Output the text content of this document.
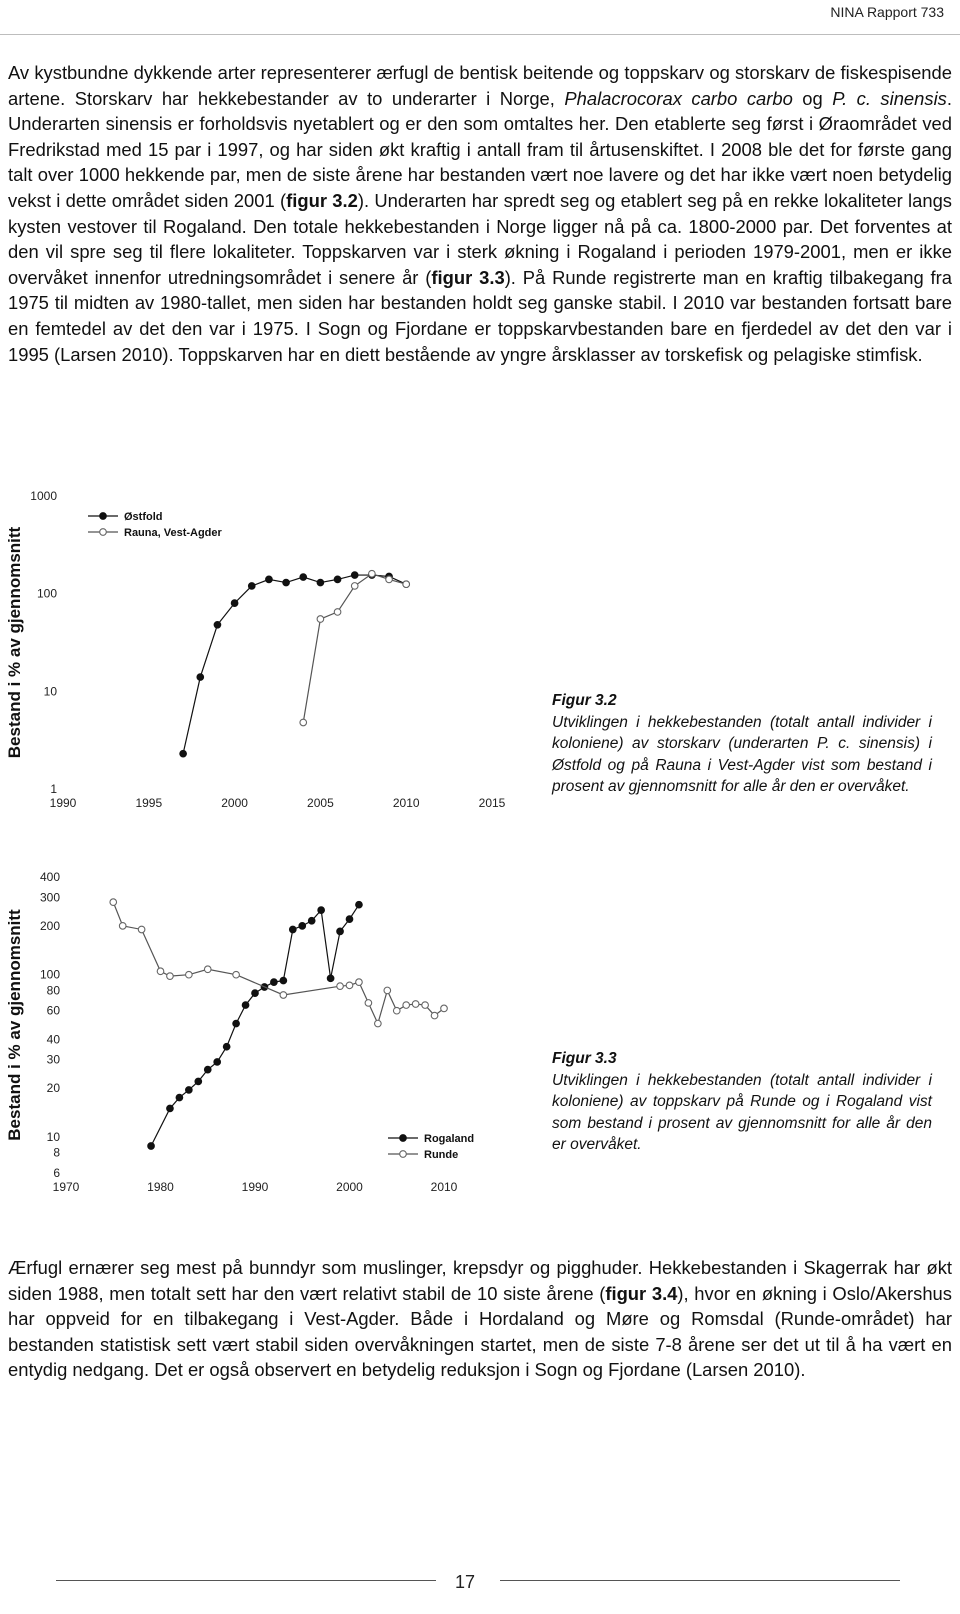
NINA Rapport 733

Av kystbundne dykkende arter representerer ærfugl de bentisk beitende og toppskarv og storskarv de fiskespisende artene. Storskarv har hekkebestander av to underarter i Norge, Phalacrocorax carbo carbo og P. c. sinensis. Underarten sinensis er forholdsvis nyetablert og er den som omtaltes her. Den etablerte seg først i Øraområdet ved Fredrikstad med 15 par i 1997, og har siden økt kraftig i antall fram til årtusenskiftet. I 2008 ble det for første gang talt over 1000 hekkende par, men de siste årene har bestanden vært noe lavere og det har ikke vært noen betydelig vekst i dette området siden 2001 (figur 3.2). Underarten har spredt seg og etablert seg på en rekke lokaliteter langs kysten vestover til Rogaland. Den totale hekkebestanden i Norge ligger nå på ca. 1800-2000 par. Det forventes at den vil spre seg til flere lokaliteter. Toppskarven var i sterk økning i Rogaland i perioden 1979-2001, men er ikke overvåket innenfor utredningsområdet i senere år (figur 3.3). På Runde registrerte man en kraftig tilbakegang fra 1975 til midten av 1980-tallet, men siden har bestanden holdt seg ganske stabil. I 2010 var bestanden fortsatt bare en femtedel av det den var i 1975. I Sogn og Fjordane er toppskarvbestanden bare en fjerdedel av det den var i 1995 (Larsen 2010). Toppskarven har en diett bestående av yngre årsklasser av torskefisk og pelagiske stimfisk.

Bestand i % av gjennomsnitt
1
10
100
1000
1990	1995	2000	2005	2010	2015
Østfold
Rauna, Vest-Agder
Figur 3.2
Utviklingen i hekkebestanden (totalt antall individer i koloniene) av storskarv (underarten P. c. sinensis) i Østfold og på Rauna i Vest-Agder vist som bestand i prosent av gjennomsnitt for alle år den er overvåket.
Bestand i % av gjennomsnitt
6
8
10
20
30
40
60
80
100
200
300
400
1970	1980	1990	2000	2010
Rogaland
Runde
Figur 3.3
Utviklingen i hekkebestanden (totalt antall individer i koloniene) av toppskarv på Runde og i Rogaland vist som bestand i prosent av gjennomsnitt for alle år den er overvåket.

Ærfugl ernærer seg mest på bunndyr som muslinger, krepsdyr og pigghuder. Hekkebestanden i Skagerrak har økt siden 1988, men totalt sett har den vært relativt stabil de 10 siste årene (figur 3.4), hvor en økning i Oslo/Akershus har oppveid for en tilbakegang i Vest-Agder. Både i Hordaland og Møre og Romsdal (Runde-området) har bestanden statistisk sett vært stabil siden overvåkningen startet, men de siste 7-8 årene ser det ut til å ha vært en entydig nedgang. Det er også observert en betydelig reduksjon i Sogn og Fjordane (Larsen 2010).

17
